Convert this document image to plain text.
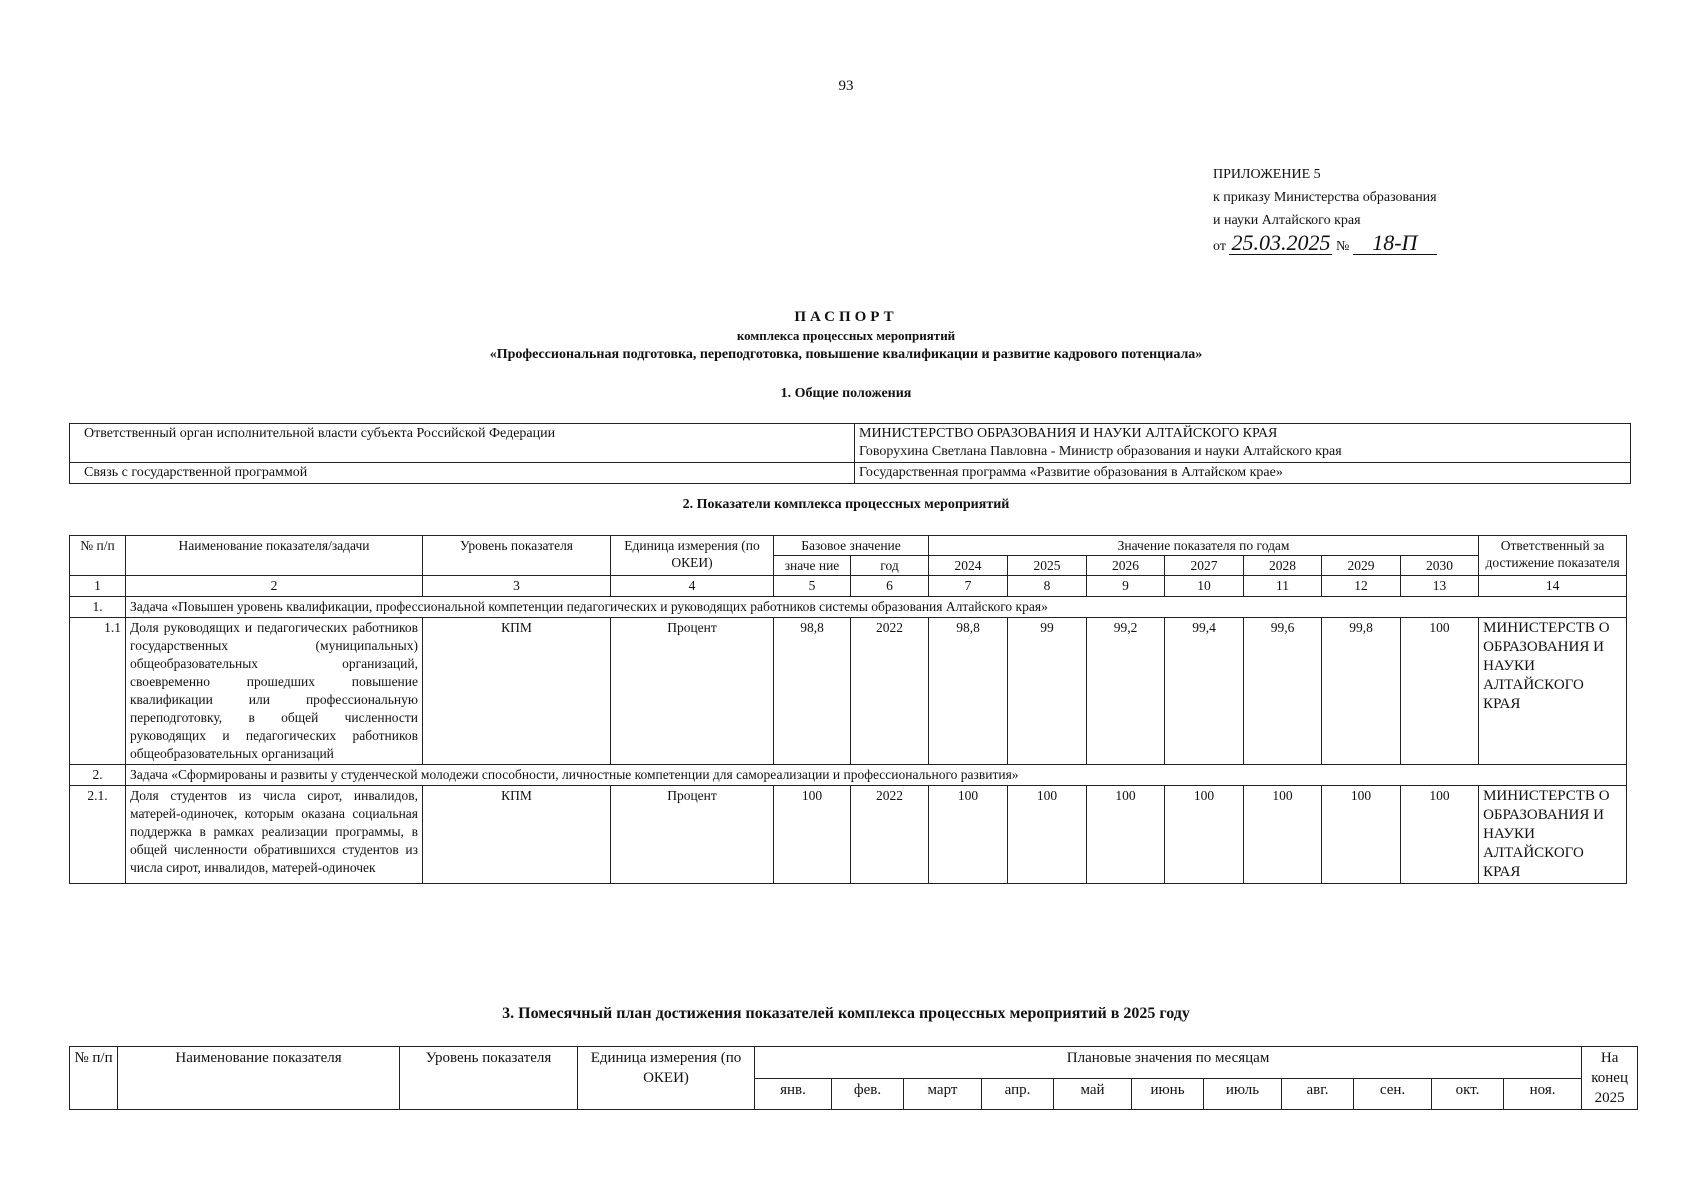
93
ПРИЛОЖЕНИЕ 5
к приказу Министерства образования
и науки Алтайского края
от 25.03.2025 № 18-П
ПАСПОРТ
комплекса процессных мероприятий
«Профессиональная подготовка, переподготовка, повышение квалификации и развитие кадрового потенциала»
1. Общие положения
Ответственный орган исполнительной власти субъекта Российской Федерации	МИНИСТЕРСТВО ОБРАЗОВАНИЯ И НАУКИ АЛТАЙСКОГО КРАЯ
Говорухина Светлана Павловна - Министр образования и науки Алтайского края

Связь с государственной программой	Государственная программа «Развитие образования в Алтайском крае»
2. Показатели комплекса процессных мероприятий
№ п/п	Наименование показателя/задачи	Уровень показателя	Единица измерения (по ОКЕИ)	Базовое значение		Значение показателя по годам							Ответственный за достижение показателя
				значе ние	год	2024	2025	2026	2027	2028	2029	2030	
1	2	3	4	5	6	7	8	9	10	11	12	13	14
1.	Задача «Повышен уровень квалификации, профессиональной компетенции педагогических и руководящих работников системы образования Алтайского края»												
1.1	Доля руководящих и педагогических работников государственных (муниципальных) общеобразовательных организаций, своевременно прошедших повышение квалификации или профессиональную переподготовку, в общей численности руководящих и педагогических работников общеобразовательных организаций	КПМ	Процент	98,8	2022	98,8	99	99,2	99,4	99,6	99,8	100	МИНИСТЕРСТВ О ОБРАЗОВАНИЯ И НАУКИ АЛТАЙСКОГО КРАЯ
2.	Задача «Сформированы и развиты у студенческой молодежи способности, личностные компетенции для самореализации и профессионального развития»												
2.1.	Доля студентов из числа сирот, инвалидов, матерей-одиночек, которым оказана социальная поддержка в рамках реализации программы, в общей численности обратившихся студентов из числа сирот, инвалидов, матерей-одиночек	КПМ	Процент	100	2022	100	100	100	100	100	100	100	МИНИСТЕРСТВ О ОБРАЗОВАНИЯ И НАУКИ АЛТАЙСКОГО КРАЯ
3. Помесячный план достижения показателей комплекса процессных мероприятий в 2025 году
№ п/п	Наименование показателя	Уровень показателя	Единица измерения (по ОКЕИ)	Плановые значения по месяцам											На конец 2025
				янв.	фев.	март	апр.	май	июнь	июль	авг.	сен.	окт.	ноя.	
